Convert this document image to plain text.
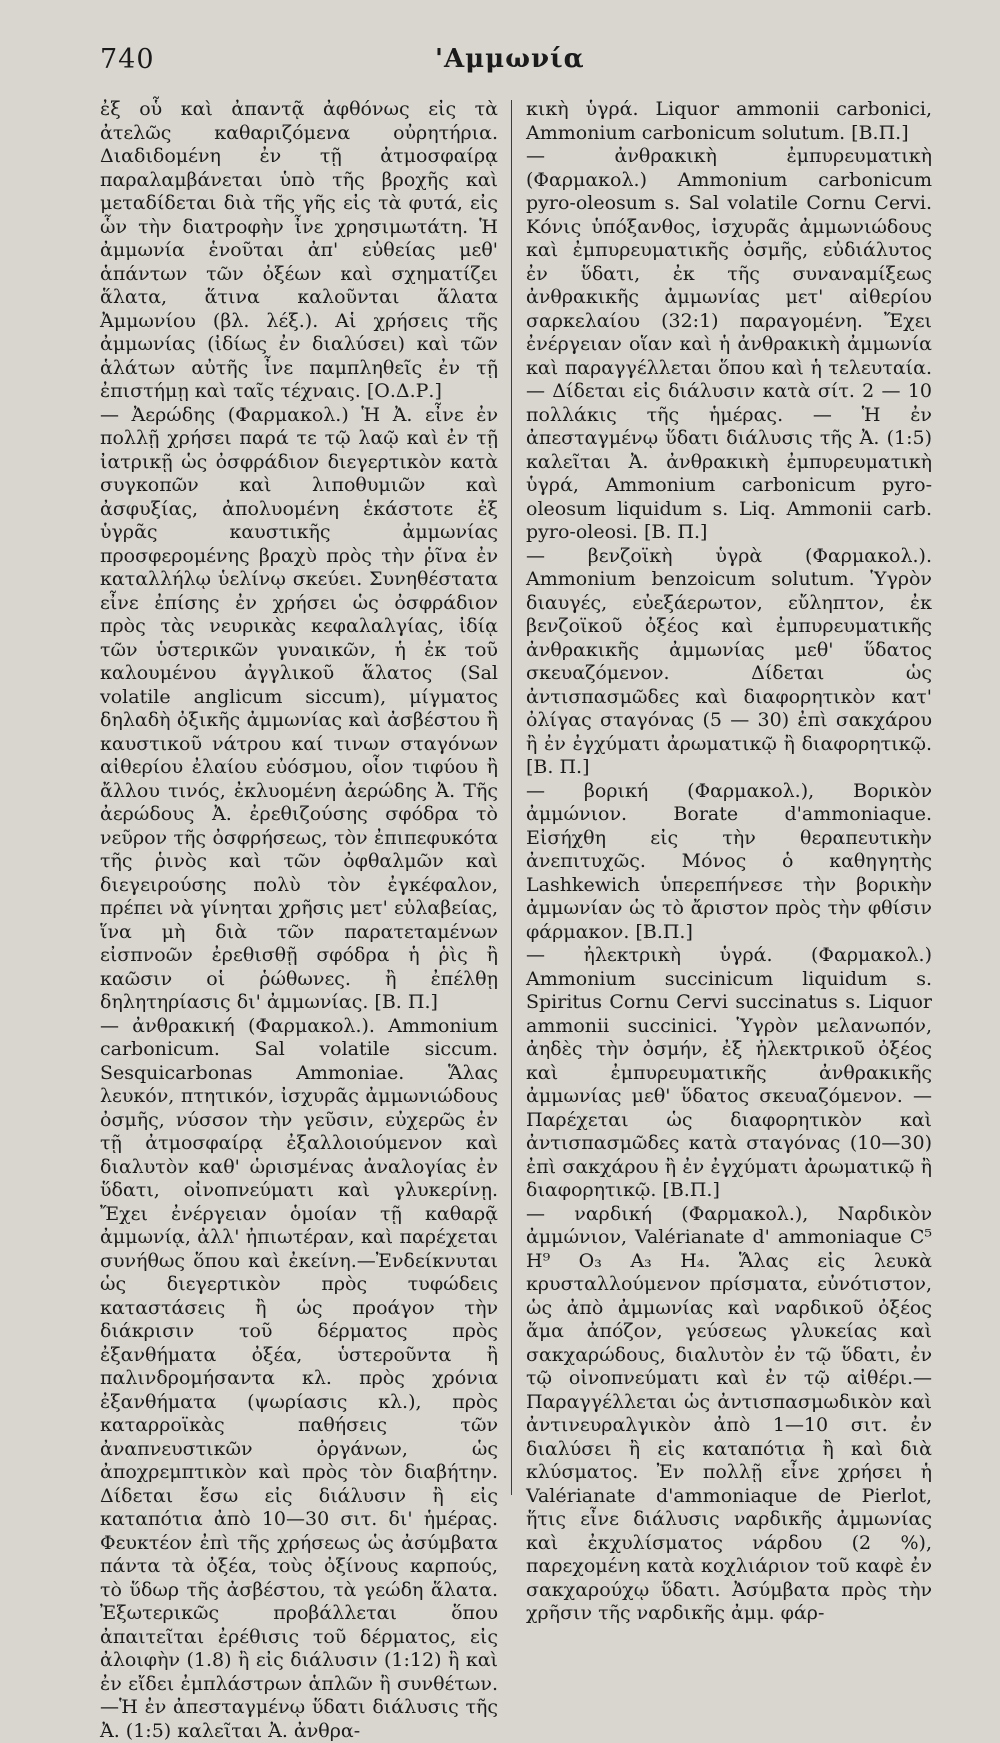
740	'Αμμωνία

ἐξ οὗ καὶ ἀπαντᾷ ἀφθόνως εἰς τὰ ἀτελῶς καθαριζόμενα οὐρητήρια. Διαδιδομένη ἐν τῇ ἀτμοσφαίρᾳ παραλαμβάνεται ὑπὸ τῆς βροχῆς καὶ μεταδίδεται διὰ τῆς γῆς εἰς τὰ φυτά, εἰς ὧν τὴν διατροφὴν ἶνε χρησιμωτάτη. Ἡ ἀμμωνία ἑνοῦται ἀπ' εὐθείας μεθ' ἁπάντων τῶν ὀξέων καὶ σχηματίζει ἅλατα, ἅτινα καλοῦνται ἅλατα Ἀμμωνίου (βλ. λέξ.). Αἱ χρήσεις τῆς ἀμμωνίας (ἰδίως ἐν διαλύσει) καὶ τῶν ἁλάτων αὐτῆς ἶνε παμπληθεῖς ἐν τῇ ἐπιστήμῃ καὶ ταῖς τέχναις. [Ο.Δ.Ρ.]

— Ἀερώδης (Φαρμακολ.) Ἡ Ἀ. εἶνε ἐν πολλῇ χρήσει παρά τε τῷ λαῷ καὶ ἐν τῇ ἰατρικῇ ὡς ὀσφράδιον διεγερτικὸν κατὰ συγκοπῶν καὶ λιποθυμιῶν καὶ ἀσφυξίας, ἀπολυομένη ἑκάστοτε ἐξ ὑγρᾶς καυστικῆς ἀμμωνίας προσφερομένης βραχὺ πρὸς τὴν ῥῖνα ἐν καταλλήλῳ ὑελίνῳ σκεύει. Συνηθέστατα εἶνε ἐπίσης ἐν χρήσει ὡς ὀσφράδιον πρὸς τὰς νευρικὰς κεφαλαλγίας, ἰδίᾳ τῶν ὑστερικῶν γυναικῶν, ἡ ἐκ τοῦ καλουμένου ἀγγλικοῦ ἅλατος (Sal volatile anglicum siccum), μίγματος δηλαδὴ ὀξικῆς ἀμμωνίας καὶ ἀσβέστου ἢ καυστικοῦ νάτρου καί τινων σταγόνων αἰθερίου ἐλαίου εὐόσμου, οἷον τιφύου ἢ ἄλλου τινός, ἐκλυομένη ἀερώδης Ἀ. Τῆς ἀερώδους Ἀ. ἐρεθιζούσης σφόδρα τὸ νεῦρον τῆς ὀσφρήσεως, τὸν ἐπιπεφυκότα τῆς ῥινὸς καὶ τῶν ὀφθαλμῶν καὶ διεγειρούσης πολὺ τὸν ἐγκέφαλον, πρέπει νὰ γίνηται χρῆσις μετ' εὐλαβείας, ἵνα μὴ διὰ τῶν παρατεταμένων εἰσπνοῶν ἐρεθισθῇ σφόδρα ἡ ῥὶς ἢ καῶσιν οἱ ῥώθωνες. ἢ ἐπέλθῃ δηλητηρίασις δι' ἀμμωνίας. [Β. Π.]

— ἀνθρακική (Φαρμακολ.). Ammonium carbonicum. Sal volatile siccum. Sesquicarbonas Ammoniae. Ἅλας λευκόν, πτητικόν, ἰσχυρᾶς ἀμμωνιώδους ὀσμῆς, νύσσον τὴν γεῦσιν, εὐχερῶς ἐν τῇ ἀτμοσφαίρᾳ ἐξαλλοιούμενον καὶ διαλυτὸν καθ' ὡρισμένας ἀναλογίας ἐν ὕδατι, οἰνοπνεύματι καὶ γλυκερίνῃ. Ἔχει ἐνέργειαν ὁμοίαν τῇ καθαρᾷ ἀμμωνίᾳ, ἀλλ' ἠπιωτέραν, καὶ παρέχεται συνήθως ὅπου καὶ ἐκείνη.—Ἐνδείκνυται ὡς διεγερτικὸν πρὸς τυφώδεις καταστάσεις ἢ ὡς προάγον τὴν διάκρισιν τοῦ δέρματος πρὸς ἐξανθήματα ὀξέα, ὑστεροῦντα ἢ παλινδρομήσαντα κλ. πρὸς χρόνια ἐξανθήματα (ψωρίασις κλ.), πρὸς καταρροϊκὰς παθήσεις τῶν ἀναπνευστικῶν ὀργάνων, ὡς ἀποχρεμπτικὸν καὶ πρὸς τὸν διαβήτην. Δίδεται ἔσω εἰς διάλυσιν ἢ εἰς καταπότια ἀπὸ 10—30 σιτ. δι' ἡμέρας. Φευκτέον ἐπὶ τῆς χρήσεως ὡς ἀσύμβατα πάντα τὰ ὀξέα, τοὺς ὀξίνους καρπούς, τὸ ὕδωρ τῆς ἀσβέστου, τὰ γεώδη ἅλατα. Ἐξωτερικῶς προβάλλεται ὅπου ἀπαιτεῖται ἐρέθισις τοῦ δέρματος, εἰς ἀλοιφὴν (1.8) ἢ εἰς διάλυσιν (1:12) ἢ καὶ ἐν εἴδει ἐμπλάστρων ἁπλῶν ἢ συνθέτων.—Ἡ ἐν ἀπεσταγμένῳ ὕδατι διάλυσις τῆς Ἀ. (1:5) καλεῖται Ἀ. ἀνθρα-

κικὴ ὑγρά. Liquor ammonii carbonici, Ammonium carbonicum solutum. [Β.Π.]

— ἀνθρακικὴ ἐμπυρευματικὴ (Φαρμακολ.) Ammonium carbonicum pyro-oleosum s. Sal volatile Cornu Cervi. Κόνις ὑπόξανθος, ἰσχυρᾶς ἀμμωνιώδους καὶ ἐμπυρευματικῆς ὀσμῆς, εὐδιάλυτος ἐν ὕδατι, ἐκ τῆς συναναμίξεως ἀνθρακικῆς ἀμμωνίας μετ' αἰθερίου σαρκελαίου (32:1) παραγομένη. Ἔχει ἐνέργειαν οἵαν καὶ ἡ ἀνθρακικὴ ἀμμωνία καὶ παραγγέλλεται ὅπου καὶ ἡ τελευταία.— Δίδεται εἰς διάλυσιν κατὰ σίτ. 2 — 10 πολλάκις τῆς ἡμέρας. — Ἡ ἐν ἀπεσταγμένῳ ὕδατι διάλυσις τῆς Ἀ. (1:5) καλεῖται Ἀ. ἀνθρακικὴ ἐμπυρευματικὴ ὑγρά, Ammonium carbonicum pyro-oleosum liquidum s. Liq. Ammonii carb. pyro-oleosi. [Β. Π.]

— βενζοϊκὴ ὑγρὰ (Φαρμακολ.). Ammonium benzoicum solutum. Ὑγρὸν διαυγές, εὐεξάερωτον, εὔληπτον, ἐκ βενζοϊκοῦ ὀξέος καὶ ἐμπυρευματικῆς ἀνθρακικῆς ἀμμωνίας μεθ' ὕδατος σκευαζόμενον. Δίδεται ὡς ἀντισπασμῶδες καὶ διαφορητικὸν κατ' ὀλίγας σταγόνας (5 — 30) ἐπὶ σακχάρου ἢ ἐν ἐγχύματι ἀρωματικῷ ἢ διαφορητικῷ. [Β. Π.]

— βορική (Φαρμακολ.), Βορικὸν ἀμμώνιον. Borate d'ammoniaque. Εἰσήχθη εἰς τὴν θεραπευτικὴν ἀνεπιτυχῶς. Μόνος ὁ καθηγητὴς Lashkewich ὑπερεπήνεσε τὴν βορικὴν ἀμμωνίαν ὡς τὸ ἄριστον πρὸς τὴν φθίσιν φάρμακον. [Β.Π.]

— ἠλεκτρικὴ ὑγρά. (Φαρμακολ.) Ammonium succinicum liquidum s. Spiritus Cornu Cervi succinatus s. Liquor ammonii succinici. Ὑγρὸν μελανωπόν, ἀηδὲς τὴν ὀσμήν, ἐξ ἠλεκτρικοῦ ὀξέος καὶ ἐμπυρευματικῆς ἀνθρακικῆς ἀμμωνίας μεθ' ὕδατος σκευαζόμενον. — Παρέχεται ὡς διαφορητικὸν καὶ ἀντισπασμῶδες κατὰ σταγόνας (10—30) ἐπὶ σακχάρου ἢ ἐν ἐγχύματι ἀρωματικῷ ἢ διαφορητικῷ. [Β.Π.]

— ναρδική (Φαρμακολ.), Ναρδικὸν ἀμμώνιον, Valérianate d' ammoniaque C⁵ H⁹ O₃ A₃ H₄. Ἅλας εἰς λευκὰ κρυσταλλούμενον πρίσματα, εὐνότιστον, ὡς ἀπὸ ἀμμωνίας καὶ ναρδικοῦ ὀξέος ἅμα ἀπόζον, γεύσεως γλυκείας καὶ σακχαρώδους, διαλυτὸν ἐν τῷ ὕδατι, ἐν τῷ οἰνοπνεύματι καὶ ἐν τῷ αἰθέρι.—Παραγγέλλεται ὡς ἀντισπασμωδικὸν καὶ ἀντινευραλγικὸν ἀπὸ 1—10 σιτ. ἐν διαλύσει ἢ εἰς καταπότια ἢ καὶ διὰ κλύσματος. Ἐν πολλῇ εἶνε χρήσει ἡ Valérianate d'ammoniaque de Pierlot, ἥτις εἶνε διάλυσις ναρδικῆς ἀμμωνίας καὶ ἐκχυλίσματος νάρδου (2 %), παρεχομένη κατὰ κοχλιάριον τοῦ καφὲ ἐν σακχαρούχῳ ὕδατι. Ἀσύμβατα πρὸς τὴν χρῆσιν τῆς ναρδικῆς ἀμμ. φάρ-
